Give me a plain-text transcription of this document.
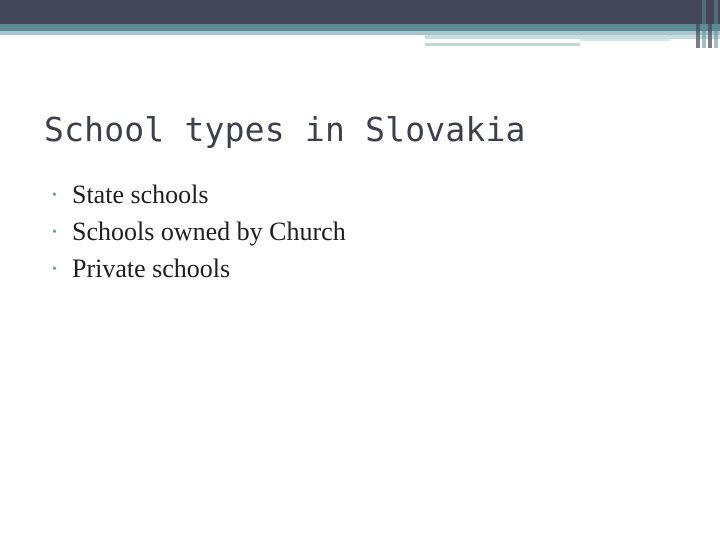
School types in Slovakia
• State schools
• Schools owned by Church
• Private schools
